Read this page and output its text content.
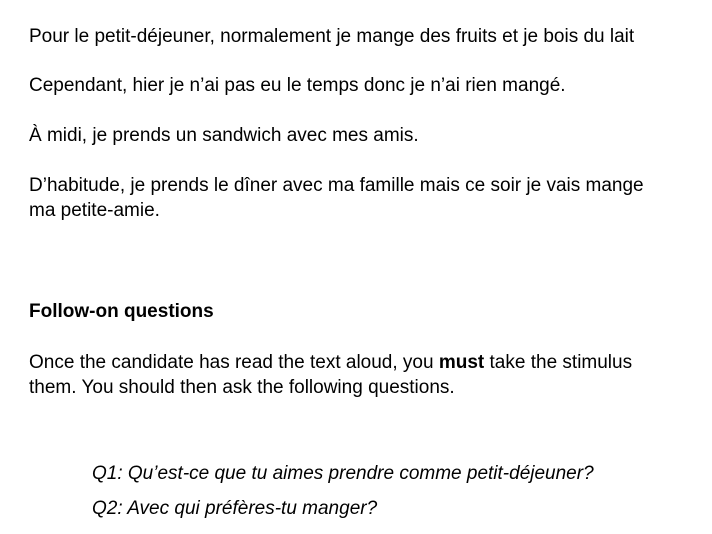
Pour le petit-déjeuner, normalement je mange des fruits et je bois du lait
Cependant, hier je n’ai pas eu le temps donc je n’ai rien mangé.
À midi, je prends un sandwich avec mes amis.
D’habitude, je prends le dîner avec ma famille mais ce soir je vais mange
ma petite-amie.
Follow-on questions
Once the candidate has read the text aloud, you must take the stimulus
them. You should then ask the following questions.
Q1: Qu’est-ce que tu aimes prendre comme petit-déjeuner?
Q2: Avec qui préfères-tu manger?
